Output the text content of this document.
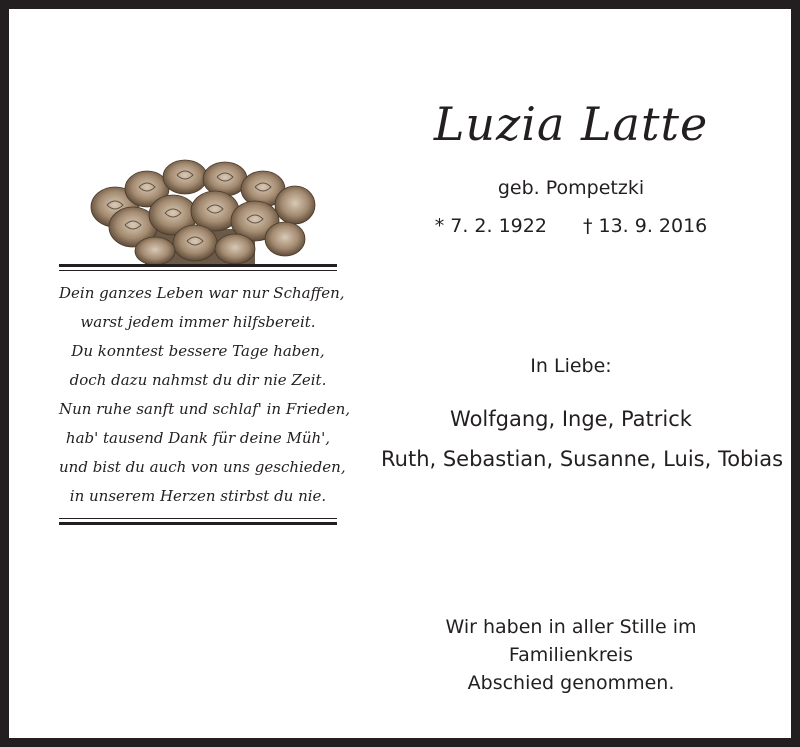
Dein ganzes Leben war nur Schaffen,
warst jedem immer hilfsbereit.
Du konntest bessere Tage haben,
doch dazu nahmst du dir nie Zeit.
Nun ruhe sanft und schlaf' in Frieden,
hab' tausend Dank für deine Müh',
und bist du auch von uns geschieden,
in unserem Herzen stirbst du nie.
Luzia Latte
geb. Pompetzki
* 7. 2. 1922 † 13. 9. 2016
In Liebe:
Wolfgang, Inge, Patrick
Ruth, Sebastian, Susanne, Luis, Tobias
Wir haben in aller Stille im Familienkreis
Abschied genommen.
